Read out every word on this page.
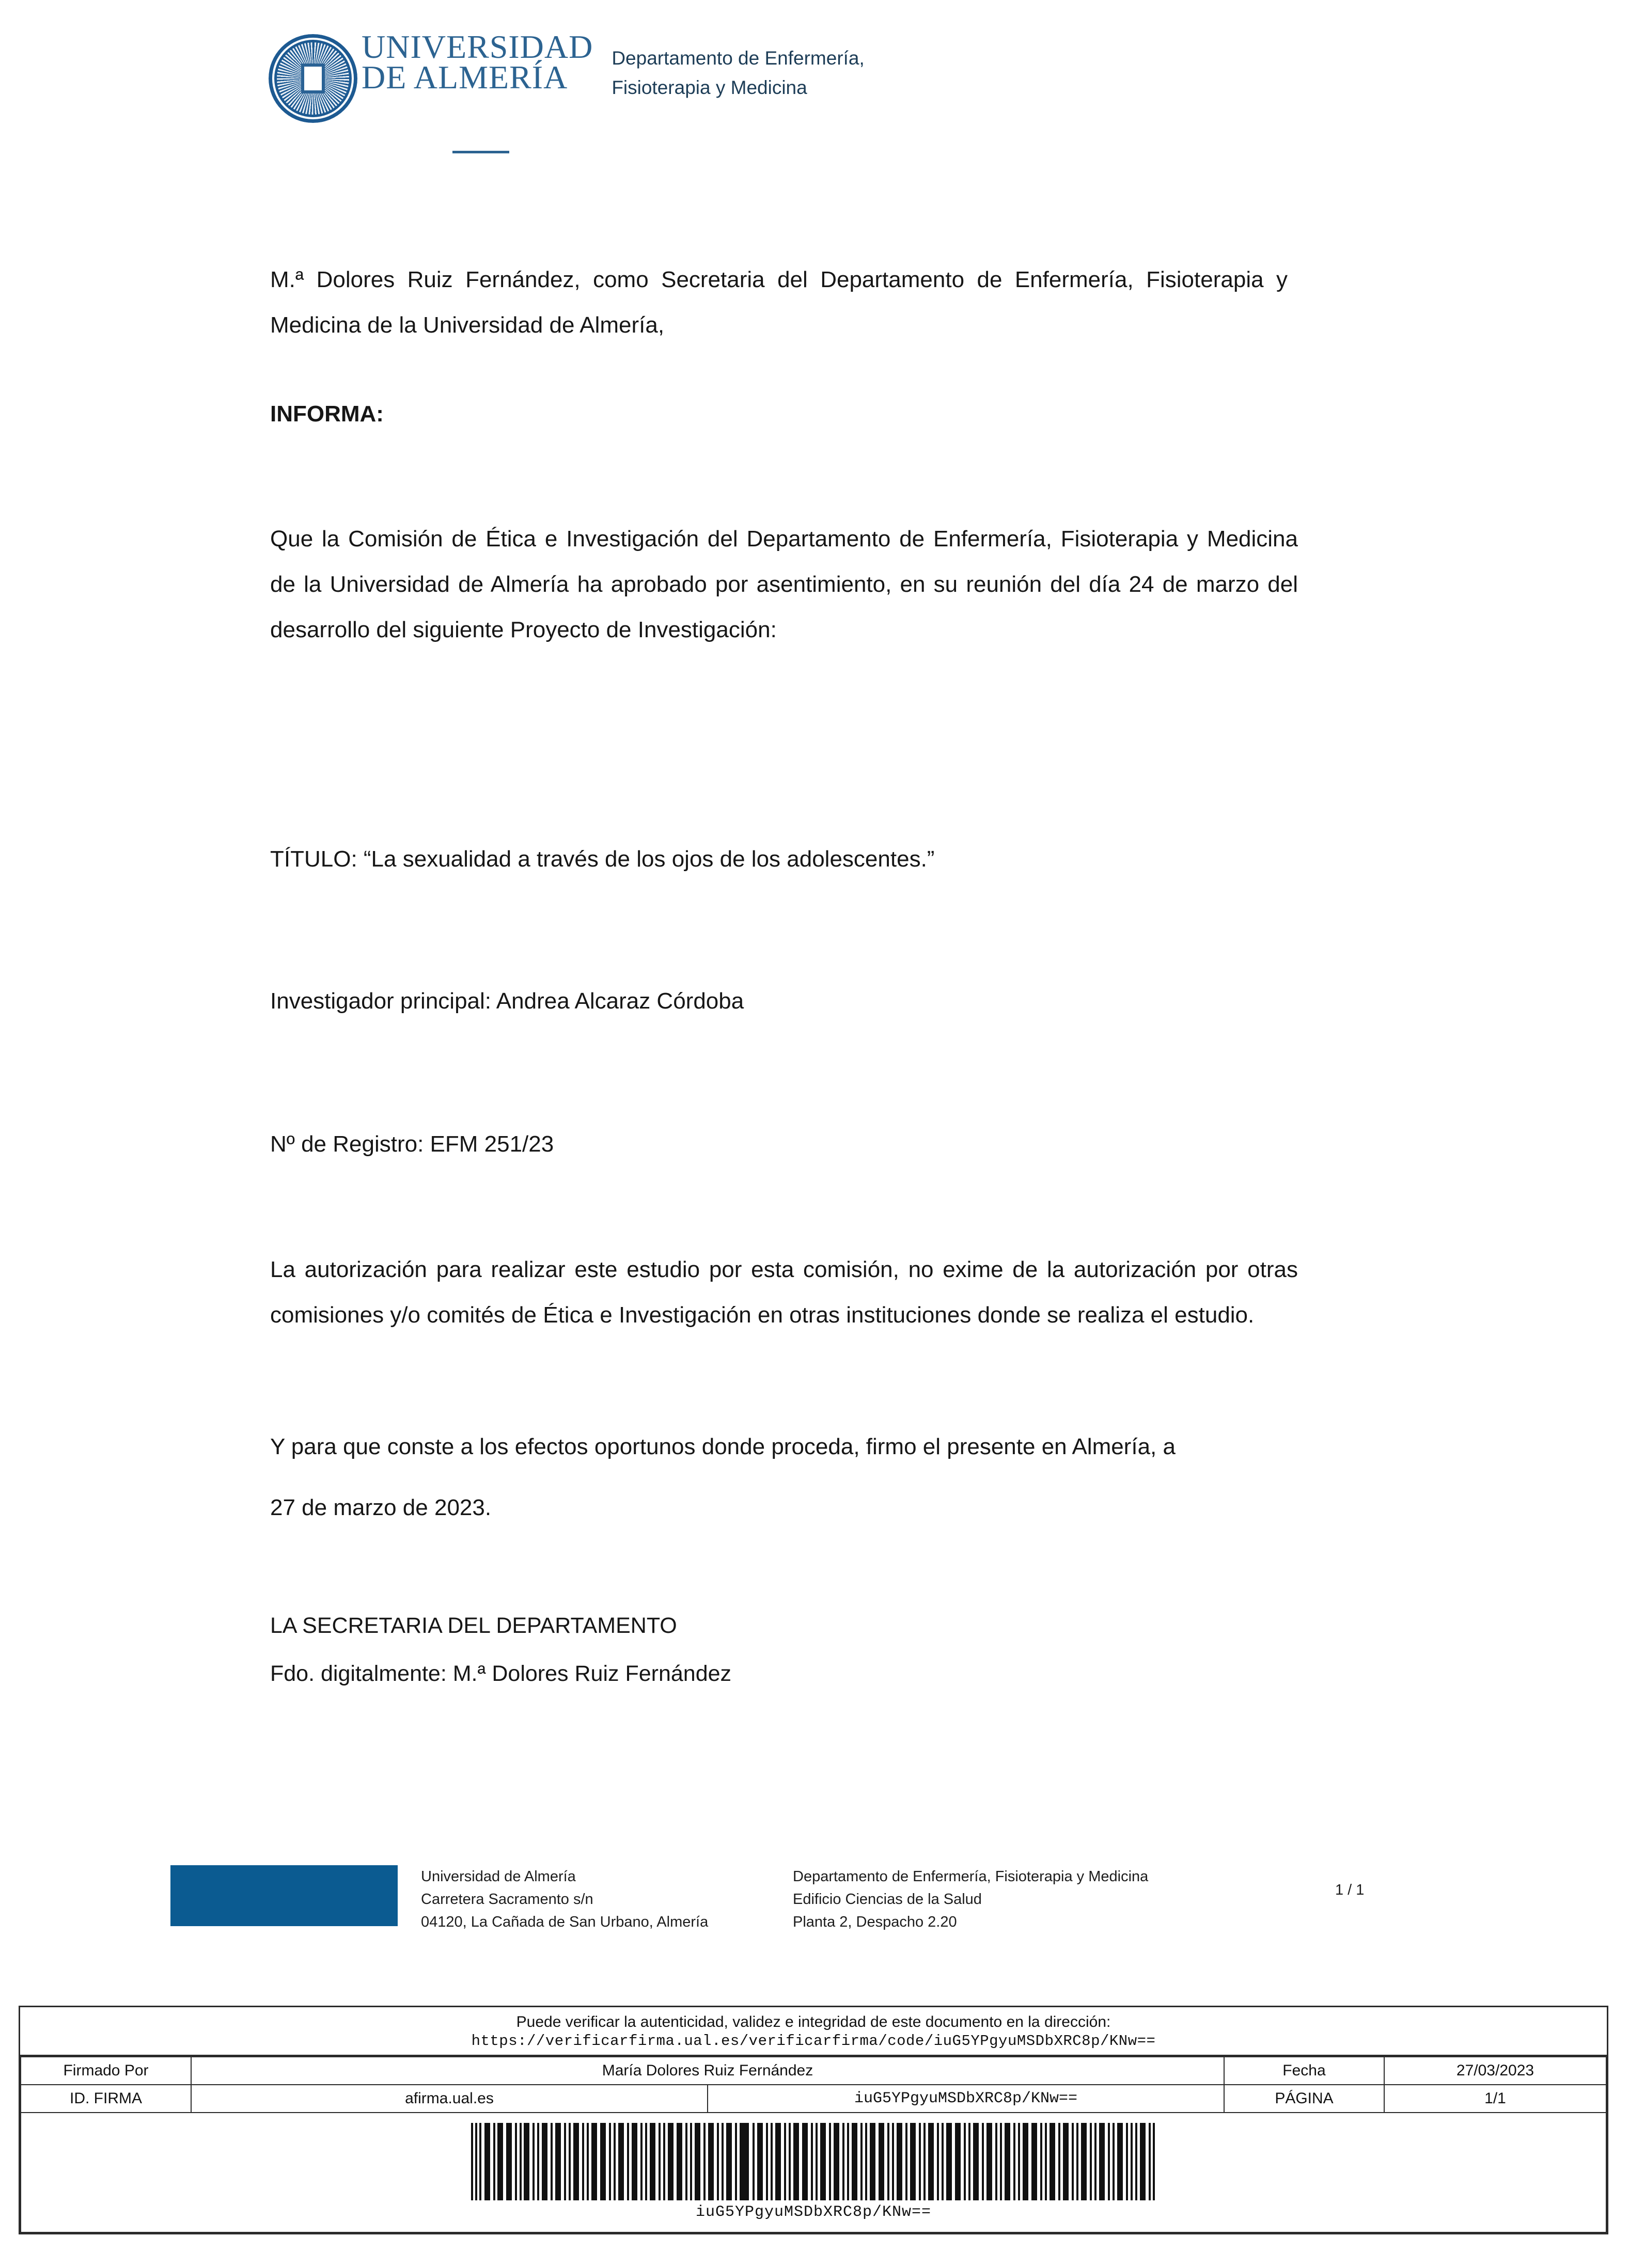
UNIVERSIDAD
DE ALMERÍA
Departamento de Enfermería,
Fisioterapia y Medicina
M.ª Dolores Ruiz Fernández, como Secretaria del Departamento de Enfermería, Fisioterapia y Medicina de la Universidad de Almería,
INFORMA:
Que la Comisión de Ética e Investigación del Departamento de Enfermería, Fisioterapia y Medicina de la Universidad de Almería ha aprobado por asentimiento, en su reunión del día 24 de marzo del desarrollo del siguiente Proyecto de Investigación:
TÍTULO: “La sexualidad a través de los ojos de los adolescentes.”
Investigador principal: Andrea Alcaraz Córdoba
Nº de Registro: EFM 251/23
La autorización para realizar este estudio por esta comisión, no exime de la autorización por otras comisiones y/o comités de Ética e Investigación en otras instituciones donde se realiza el estudio.
Y para que conste a los efectos oportunos donde proceda, firmo el presente en Almería, a
27 de marzo de 2023.
LA SECRETARIA DEL DEPARTAMENTO
Fdo. digitalmente: M.ª Dolores Ruiz Fernández
Universidad de Almería
Carretera Sacramento s/n
04120, La Cañada de San Urbano, Almería
Departamento de Enfermería, Fisioterapia y Medicina
Edificio Ciencias de la Salud
Planta 2, Despacho 2.20
1 / 1
Puede verificar la autenticidad, validez e integridad de este documento en la dirección:
https://verificarfirma.ual.es/verificarfirma/code/iuG5YPgyuMSDbXRC8p/KNw==
Firmado Por	María Dolores Ruiz Fernández		Fecha	27/03/2023
ID. FIRMA	afirma.ual.es	iuG5YPgyuMSDbXRC8p/KNw==	PÁGINA	1/1

iuG5YPgyuMSDbXRC8p/KNw==				
